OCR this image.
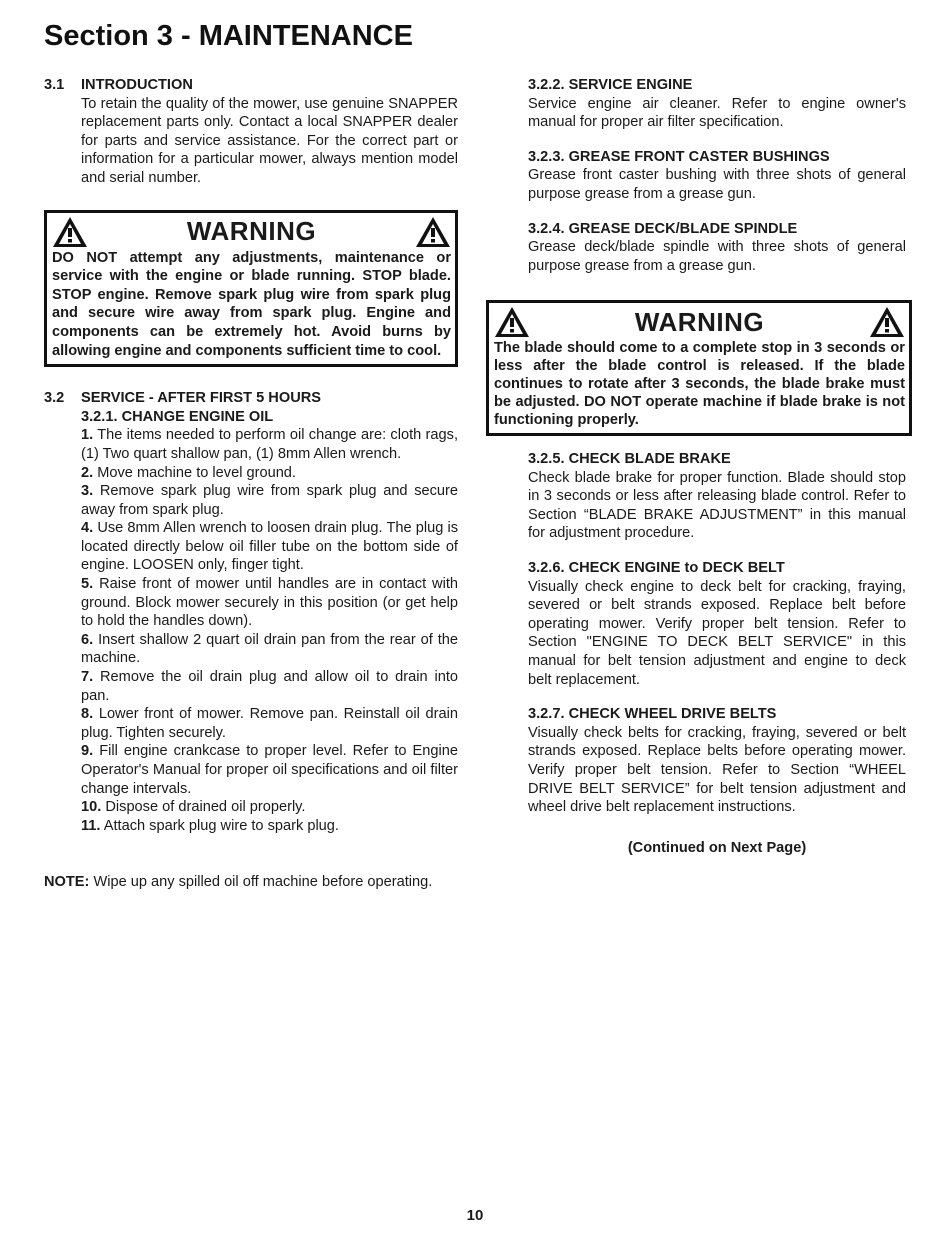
Section 3 - MAINTENANCE

3.1 INTRODUCTION

To retain the quality of the mower, use genuine SNAPPER replacement parts only. Contact a local SNAPPER dealer for parts and service assistance. For the correct part or information for a particular mower, always mention model and serial number.

WARNING

DO NOT attempt any adjustments, maintenance or service with the engine or blade running. STOP blade. STOP engine. Remove spark plug wire from spark plug and secure wire away from spark plug. Engine and components can be extremely hot. Avoid burns by allowing engine and components sufficient time to cool.

3.2 SERVICE - AFTER FIRST 5 HOURS

3.2.1. CHANGE ENGINE OIL

1. The items needed to perform oil change are: cloth rags, (1) Two quart shallow pan, (1) 8mm Allen wrench.

2. Move machine to level ground.

3. Remove spark plug wire from spark plug and secure away from spark plug.

4. Use 8mm Allen wrench to loosen drain plug. The plug is located directly below oil filler tube on the bottom side of engine. LOOSEN only, finger tight.

5. Raise front of mower until handles are in contact with ground. Block mower securely in this position (or get help to hold the handles down).

6. Insert shallow 2 quart oil drain pan from the rear of the machine.

7. Remove the oil drain plug and allow oil to drain into pan.

8. Lower front of mower. Remove pan. Reinstall oil drain plug. Tighten securely.

9. Fill engine crankcase to proper level. Refer to Engine Operator's Manual for proper oil specifications and oil filter change intervals.

10. Dispose of drained oil properly.

11. Attach spark plug wire to spark plug.

NOTE: Wipe up any spilled oil off machine before operating.

3.2.2. SERVICE ENGINE

Service engine air cleaner. Refer to engine owner's manual for proper air filter specification.

3.2.3. GREASE FRONT CASTER BUSHINGS

Grease front caster bushing with three shots of general purpose grease from a grease gun.

3.2.4. GREASE DECK/BLADE SPINDLE

Grease deck/blade spindle with three shots of general purpose grease from a grease gun.

WARNING

The blade should come to a complete stop in 3 seconds or less after the blade control is released. If the blade continues to rotate after 3 seconds, the blade brake must be adjusted. DO NOT operate machine if blade brake is not functioning properly.

3.2.5. CHECK BLADE BRAKE

Check blade brake for proper function. Blade should stop in 3 seconds or less after releasing blade control. Refer to Section “BLADE BRAKE ADJUSTMENT” in this manual for adjustment procedure.

3.2.6. CHECK ENGINE to DECK BELT

Visually check engine to deck belt for cracking, fraying, severed or belt strands exposed. Replace belt before operating mower. Verify proper belt tension. Refer to Section "ENGINE TO DECK BELT SERVICE" in this manual for belt tension adjustment and engine to deck belt replacement.

3.2.7. CHECK WHEEL DRIVE BELTS

Visually check belts for cracking, fraying, severed or belt strands exposed. Replace belts before operating mower. Verify proper belt tension. Refer to Section “WHEEL DRIVE BELT SERVICE” for belt tension adjustment and wheel drive belt replacement instructions.

(Continued on Next Page)

10
